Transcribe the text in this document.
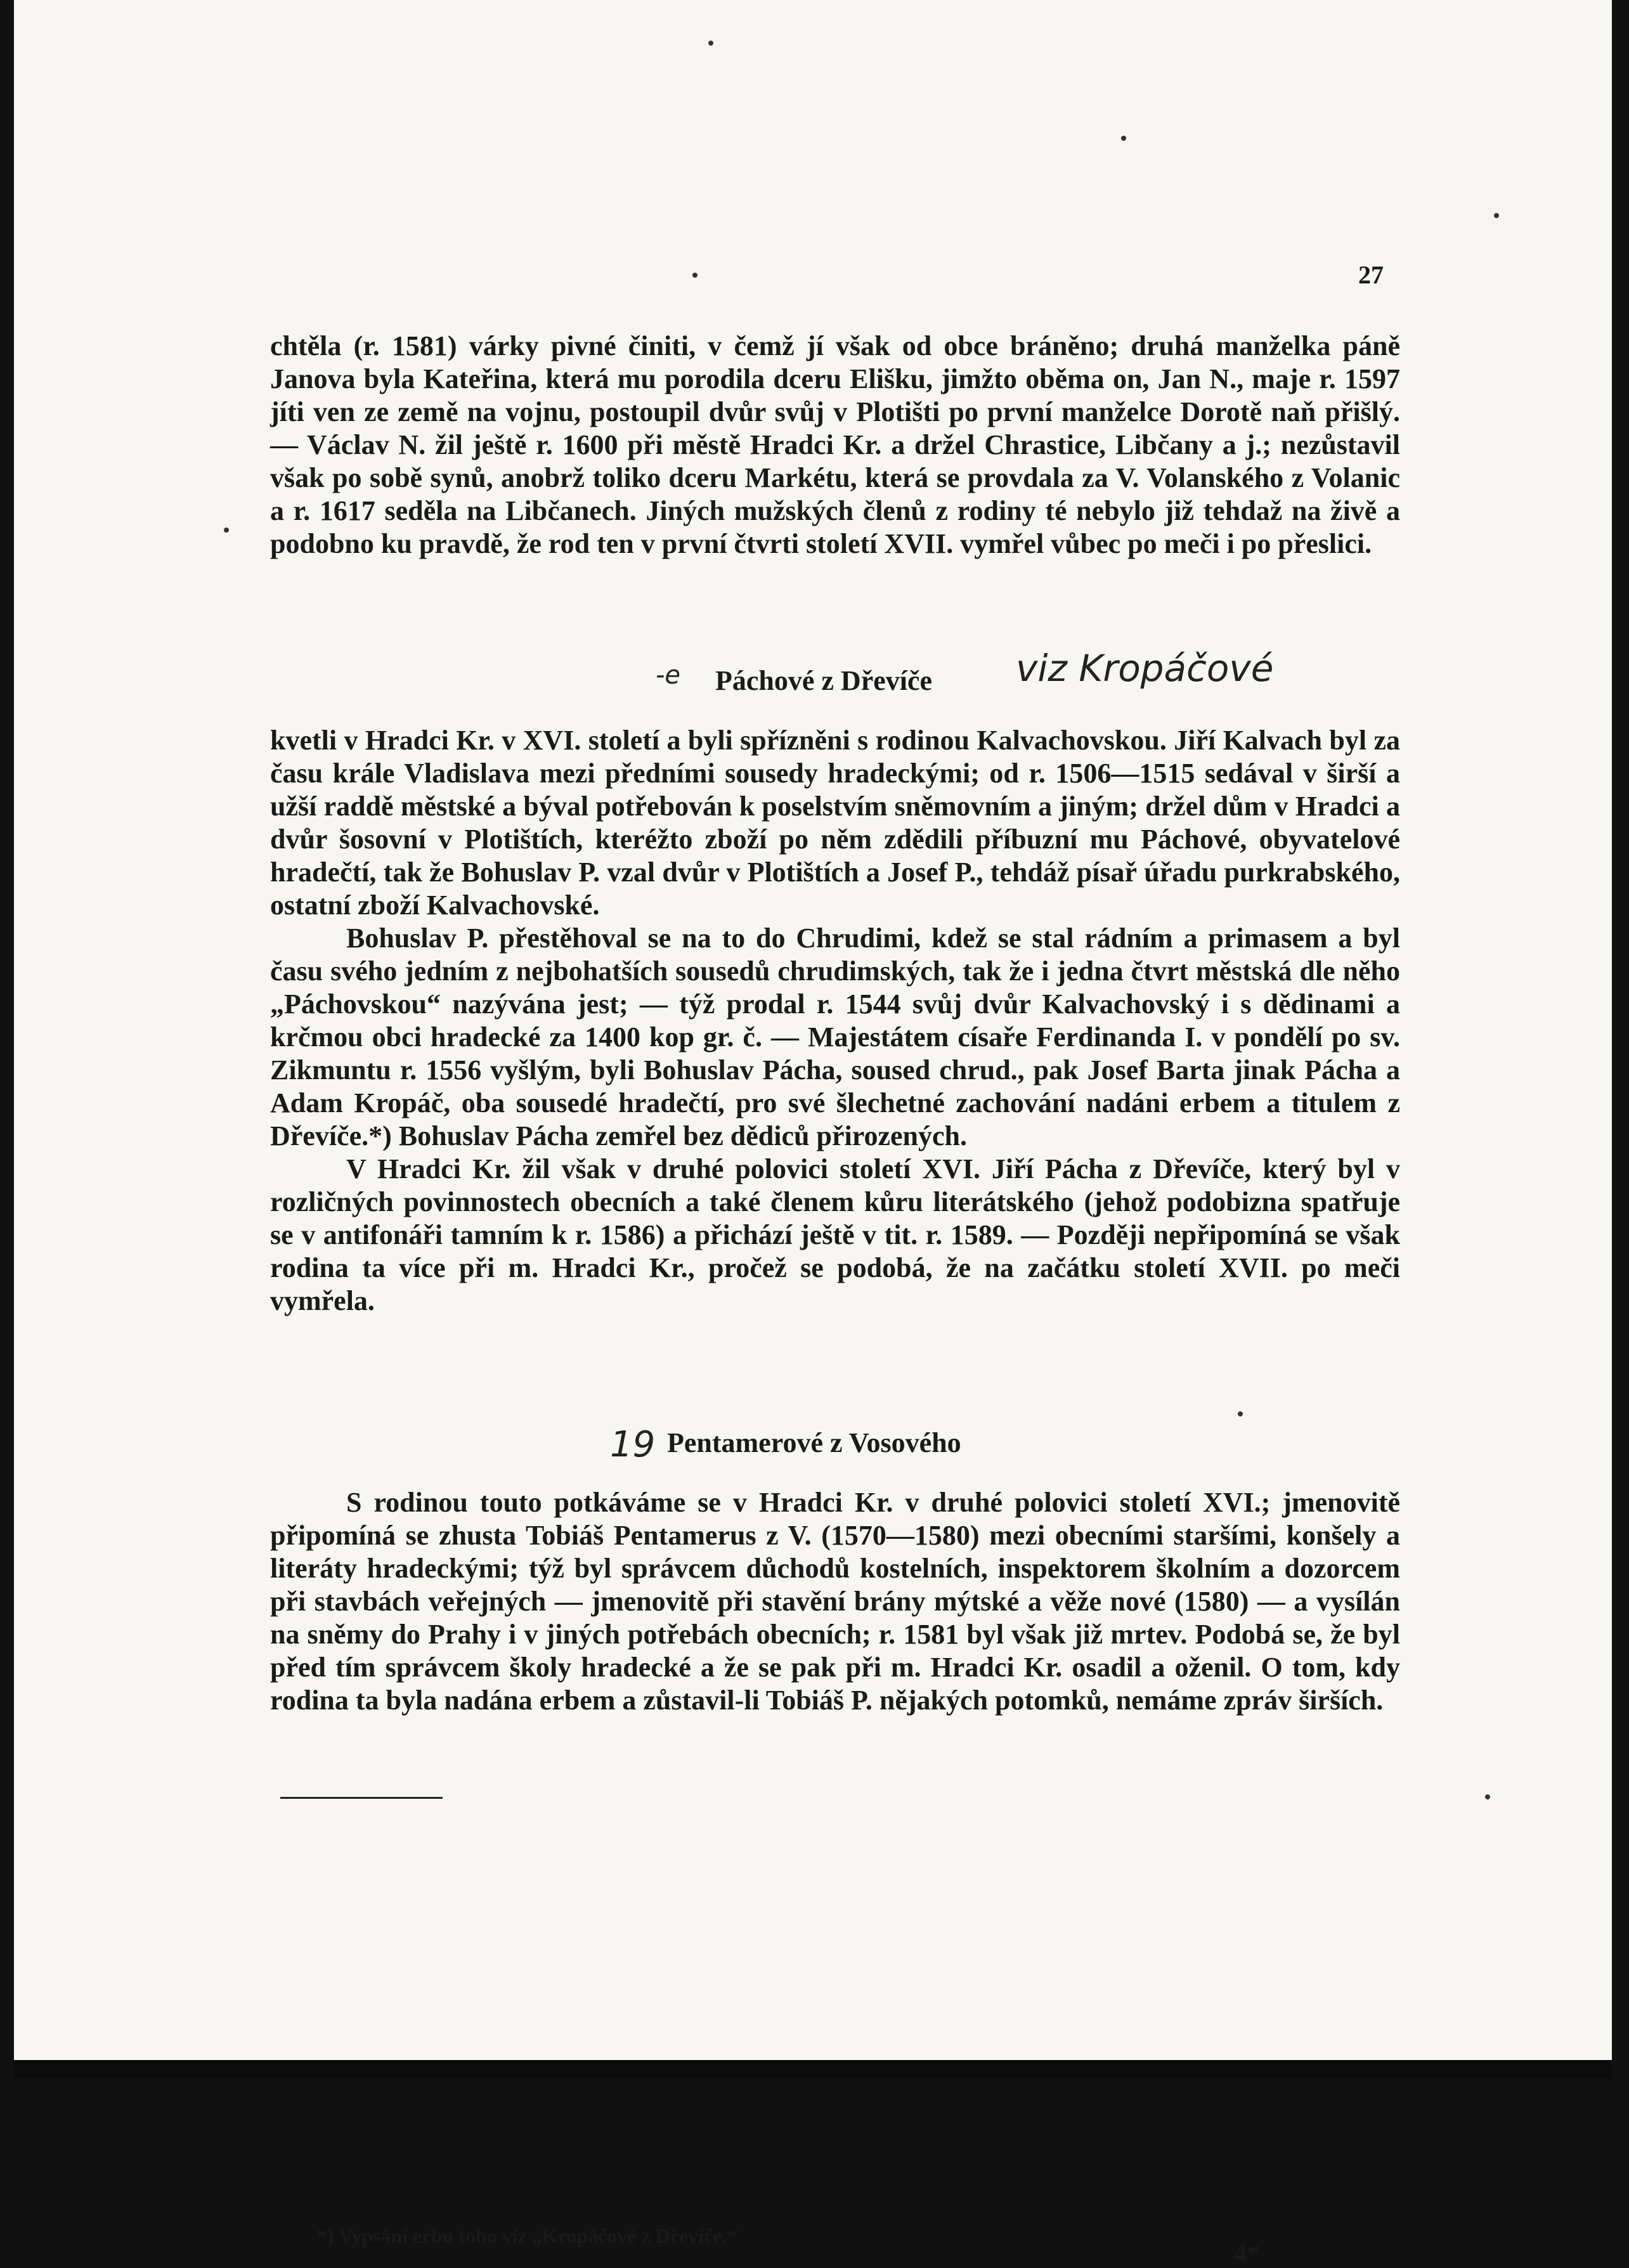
27

chtěla (r. 1581) várky pivné činiti, v čemž jí však od obce bráněno; druhá manželka páně Janova byla Kateřina, která mu porodila dceru Elišku, jimžto oběma on, Jan N., maje r. 1597 jíti ven ze země na vojnu, postoupil dvůr svůj v Plotišti po první manželce Dorotě naň přišlý. — Václav N. žil ještě r. 1600 při městě Hradci Kr. a držel Chrastice, Libčany a j.; nezůstavil však po sobě synů, anobrž toliko dceru Markétu, která se provdala za V. Volanského z Volanic a r. 1617 seděla na Libčanech. Jiných mužských členů z rodiny té nebylo již tehdaž na živě a podobno ku pravdě, že rod ten v první čtvrti století XVII. vymřel vůbec po meči i po přeslici.

-e Páchové z Dřevíče viz Kropáčové

kvetli v Hradci Kr. v XVI. století a byli spřízněni s rodinou Kalvachovskou. Jiří Kalvach byl za času krále Vladislava mezi předními sousedy hradeckými; od r. 1506—1515 sedával v širší a užší raddě městské a býval potřebován k poselstvím sněmovním a jiným; držel dům v Hradci a dvůr šosovní v Plotištích, kteréžto zboží po něm zdědili příbuzní mu Páchové, obyvatelové hradečtí, tak že Bohuslav P. vzal dvůr v Plotištích a Josef P., tehdáž písař úřadu purkrabského, ostatní zboží Kalvachovské.

Bohuslav P. přestěhoval se na to do Chrudimi, kdež se stal rádním a primasem a byl času svého jedním z nejbohatších sousedů chrudimských, tak že i jedna čtvrt městská dle něho „Páchovskou“ nazývána jest; — týž prodal r. 1544 svůj dvůr Kalvachovský i s dědinami a krčmou obci hradecké za 1400 kop gr. č. — Majestátem císaře Ferdinanda I. v pondělí po sv. Zikmuntu r. 1556 vyšlým, byli Bohuslav Pácha, soused chrud., pak Josef Barta jinak Pácha a Adam Kropáč, oba sousedé hradečtí, pro své šlechetné zachování nadáni erbem a titulem z Dřevíče.*) Bohuslav Pácha zemřel bez dědiců přirozených.

V Hradci Kr. žil však v druhé polovici století XVI. Jiří Pácha z Dřevíče, který byl v rozličných povinnostech obecních a také členem kůru literátského (jehož podobizna spatřuje se v antifonáři tamním k r. 1586) a přichází ještě v tit. r. 1589. — Později nepřipomíná se však rodina ta více při m. Hradci Kr., pročež se podobá, že na začátku století XVII. po meči vymřela.

19 Pentamerové z Vosového

S rodinou touto potkáváme se v Hradci Kr. v druhé polovici století XVI.; jmenovitě připomíná se zhusta Tobiáš Pentamerus z V. (1570—1580) mezi obecními staršími, konšely a literáty hradeckými; týž byl správcem důchodů kostelních, inspektorem školním a dozorcem při stavbách veřejných — jmenovitě při stavění brány mýtské a věže nové (1580) — a vysílán na sněmy do Prahy i v jiných potřebách obecních; r. 1581 byl však již mrtev. Podobá se, že byl před tím správcem školy hradecké a že se pak při m. Hradci Kr. osadil a oženil. O tom, kdy rodina ta byla nadána erbem a zůstavil-li Tobiáš P. nějakých potomků, nemáme zpráv širších.

*) Vypsání erbu toho viz „Kropáčové z Dřevíče.“
4*
